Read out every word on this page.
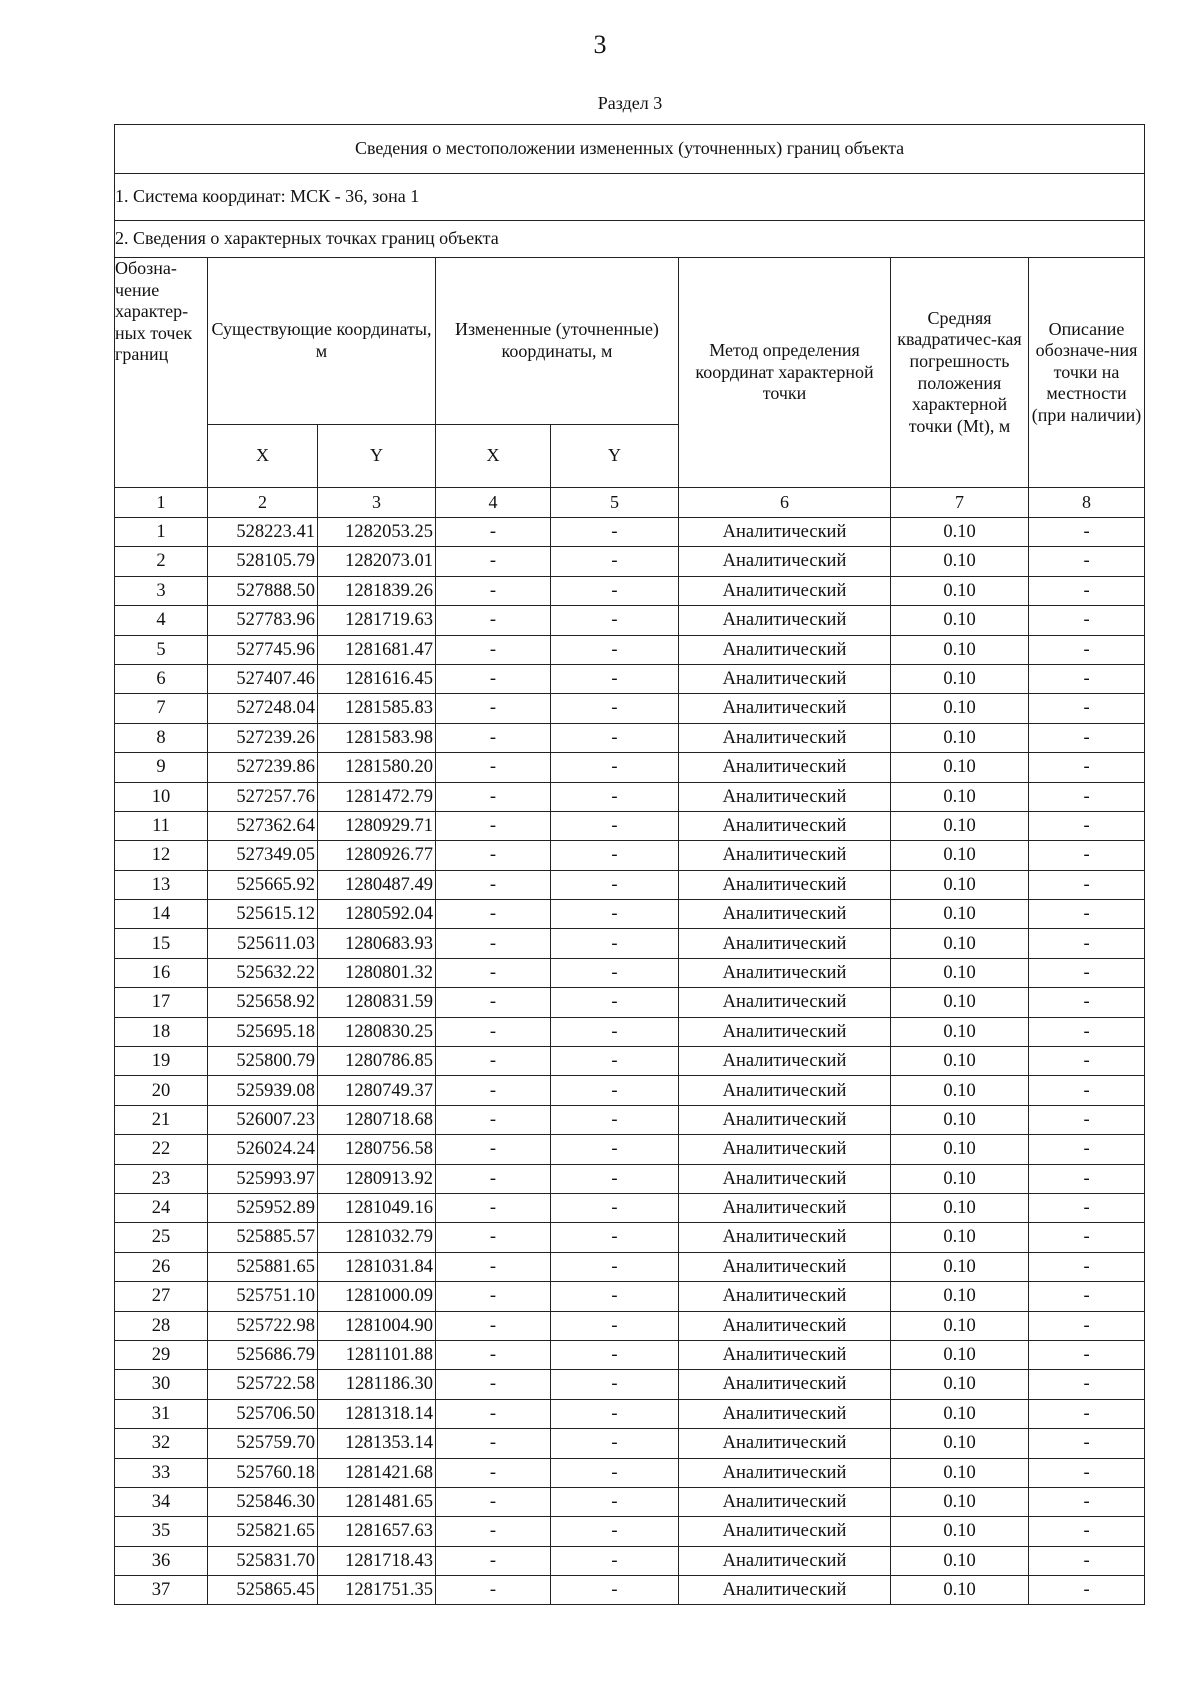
3
Раздел 3
Сведения о местоположении измененных (уточненных) границ объекта							
1. Система координат: МСК - 36, зона 1							
2. Сведения о характерных точках границ объекта							
Обозна-чение характер-ных точек границ	Существующие координаты, м		Измененные (уточненные) координаты, м		Метод определения координат характерной точки	Средняя квадратичес-кая погрешность положения характерной точки (Mt), м	Описание обозначе-ния точки на местности (при наличии)
	X	Y	X	Y			
1	2	3	4	5	6	7	8
1	528223.41	1282053.25	-	-	Аналитический	0.10	-
2	528105.79	1282073.01	-	-	Аналитический	0.10	-
3	527888.50	1281839.26	-	-	Аналитический	0.10	-
4	527783.96	1281719.63	-	-	Аналитический	0.10	-
5	527745.96	1281681.47	-	-	Аналитический	0.10	-
6	527407.46	1281616.45	-	-	Аналитический	0.10	-
7	527248.04	1281585.83	-	-	Аналитический	0.10	-
8	527239.26	1281583.98	-	-	Аналитический	0.10	-
9	527239.86	1281580.20	-	-	Аналитический	0.10	-
10	527257.76	1281472.79	-	-	Аналитический	0.10	-
11	527362.64	1280929.71	-	-	Аналитический	0.10	-
12	527349.05	1280926.77	-	-	Аналитический	0.10	-
13	525665.92	1280487.49	-	-	Аналитический	0.10	-
14	525615.12	1280592.04	-	-	Аналитический	0.10	-
15	525611.03	1280683.93	-	-	Аналитический	0.10	-
16	525632.22	1280801.32	-	-	Аналитический	0.10	-
17	525658.92	1280831.59	-	-	Аналитический	0.10	-
18	525695.18	1280830.25	-	-	Аналитический	0.10	-
19	525800.79	1280786.85	-	-	Аналитический	0.10	-
20	525939.08	1280749.37	-	-	Аналитический	0.10	-
21	526007.23	1280718.68	-	-	Аналитический	0.10	-
22	526024.24	1280756.58	-	-	Аналитический	0.10	-
23	525993.97	1280913.92	-	-	Аналитический	0.10	-
24	525952.89	1281049.16	-	-	Аналитический	0.10	-
25	525885.57	1281032.79	-	-	Аналитический	0.10	-
26	525881.65	1281031.84	-	-	Аналитический	0.10	-
27	525751.10	1281000.09	-	-	Аналитический	0.10	-
28	525722.98	1281004.90	-	-	Аналитический	0.10	-
29	525686.79	1281101.88	-	-	Аналитический	0.10	-
30	525722.58	1281186.30	-	-	Аналитический	0.10	-
31	525706.50	1281318.14	-	-	Аналитический	0.10	-
32	525759.70	1281353.14	-	-	Аналитический	0.10	-
33	525760.18	1281421.68	-	-	Аналитический	0.10	-
34	525846.30	1281481.65	-	-	Аналитический	0.10	-
35	525821.65	1281657.63	-	-	Аналитический	0.10	-
36	525831.70	1281718.43	-	-	Аналитический	0.10	-
37	525865.45	1281751.35	-	-	Аналитический	0.10	-
